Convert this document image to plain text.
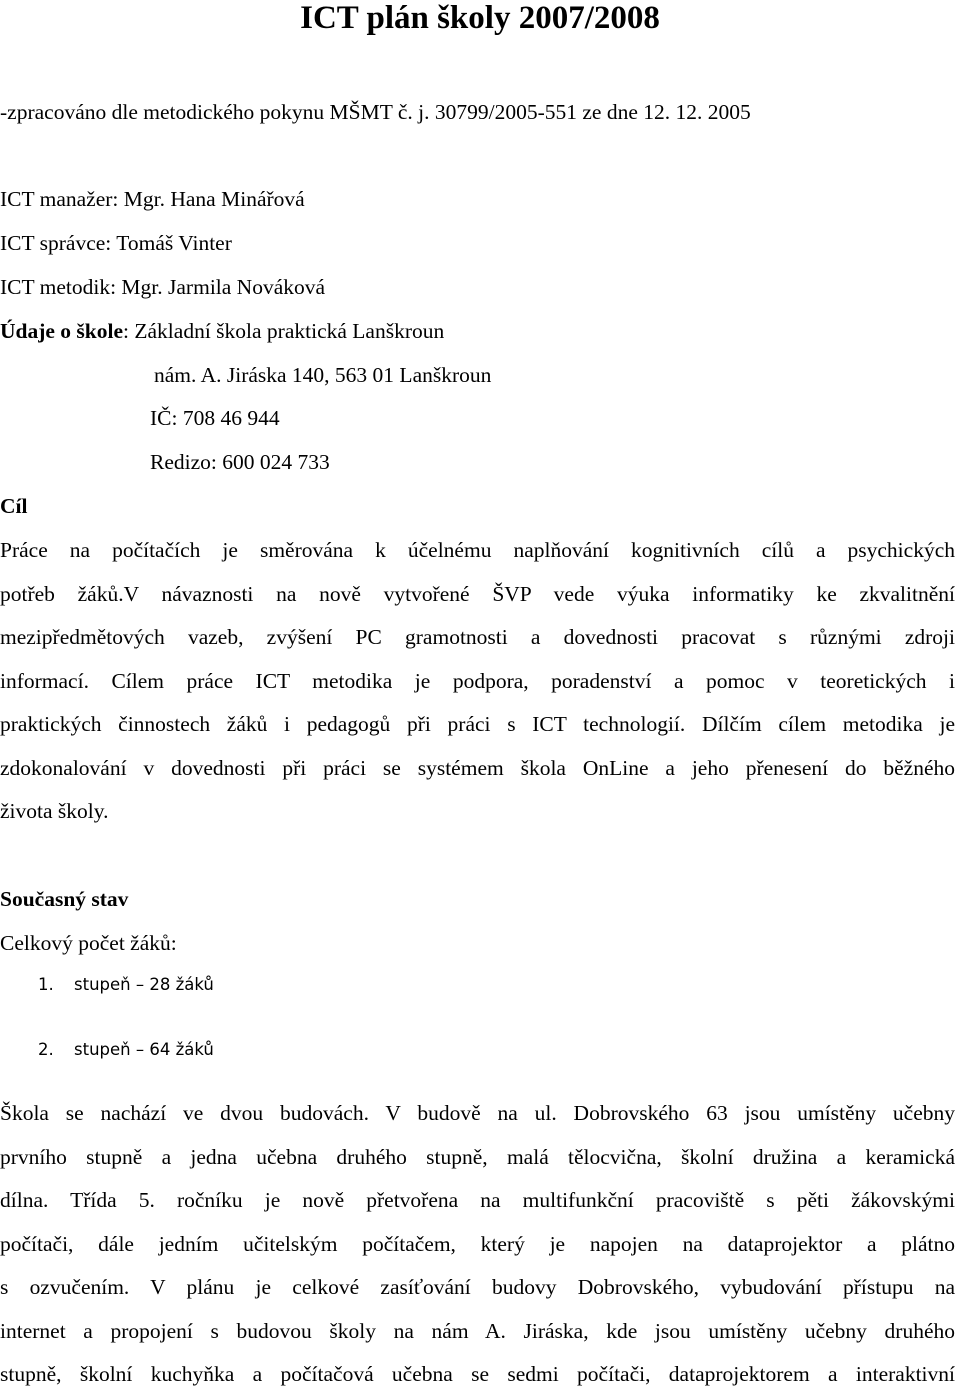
ICT plán školy 2007/2008
-zpracováno dle metodického pokynu MŠMT č. j. 30799/2005-551 ze dne 12. 12. 2005
ICT manažer: Mgr. Hana Minářová
ICT správce: Tomáš Vinter
ICT metodik: Mgr. Jarmila Nováková
Údaje o škole: Základní škola praktická Lanškroun
nám. A. Jiráska 140, 563 01 Lanškroun
IČ: 708 46 944
Redizo: 600 024 733
Cíl
Práce na počítačích je směrována k účelnému naplňování kognitivních cílů a psychických
potřeb žáků.V návaznosti na nově vytvořené ŠVP vede výuka informatiky ke zkvalitnění
mezipředmětových vazeb, zvýšení PC gramotnosti a dovednosti pracovat s různými zdroji
informací. Cílem práce ICT metodika je podpora, poradenství a pomoc v teoretických i
praktických činnostech žáků i pedagogů při práci s ICT technologií. Dílčím cílem metodika je
zdokonalování v dovednosti při práci se systémem škola OnLine a jeho přenesení do běžného
života školy.
Současný stav
Celkový počet žáků:
1. stupeň – 28 žáků
2. stupeň – 64 žáků
Škola se nachází ve dvou budovách. V budově na ul. Dobrovského 63 jsou umístěny učebny
prvního stupně a jedna učebna druhého stupně, malá tělocvična, školní družina a keramická
dílna. Třída 5. ročníku je nově přetvořena na multifunkční pracoviště s pěti žákovskými
počítači, dále jedním učitelským počítačem, který je napojen na dataprojektor a plátno
s ozvučením. V plánu je celkové zasíťování budovy Dobrovského, vybudování přístupu na
internet a propojení s budovou školy na nám A. Jiráska, kde jsou umístěny učebny druhého
stupně, školní kuchyňka a počítačová učebna se sedmi počítači, dataprojektorem a interaktivní
